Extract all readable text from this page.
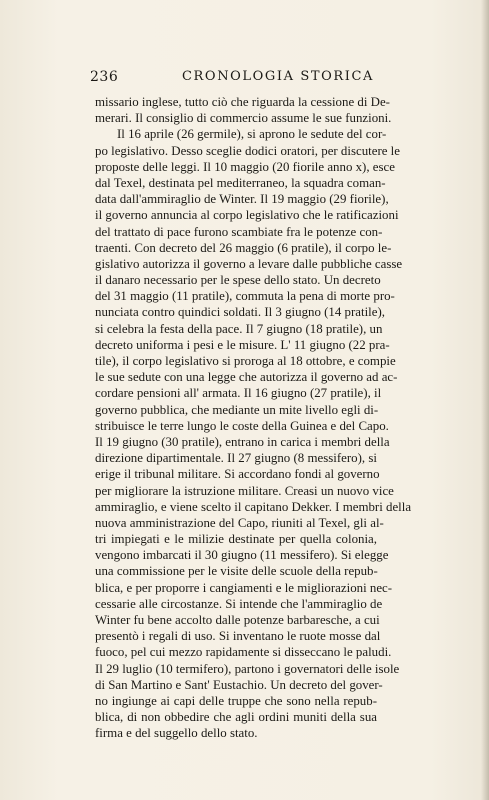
236	CRONOLOGIA STORICA
missario inglese, tutto ciò che riguarda la cessione di De-
merari. Il consiglio di commercio assume le sue funzioni.
Il 16 aprile (26 germile), si aprono le sedute del cor-
po legislativo. Desso sceglie dodici oratori, per discutere le
proposte delle leggi. Il 10 maggio (20 fiorile anno x), esce
dal Texel, destinata pel mediterraneo, la squadra coman-
data dall'ammiraglio de Winter. Il 19 maggio (29 fiorile),
il governo annuncia al corpo legislativo che le ratificazioni
del trattato di pace furono scambiate fra le potenze con-
traenti. Con decreto del 26 maggio (6 pratile), il corpo le-
gislativo autorizza il governo a levare dalle pubbliche casse
il danaro necessario per le spese dello stato. Un decreto
del 31 maggio (11 pratile), commuta la pena di morte pro-
nunciata contro quindici soldati. Il 3 giugno (14 pratile),
si celebra la festa della pace. Il 7 giugno (18 pratile), un
decreto uniforma i pesi e le misure. L' 11 giugno (22 pra-
tile), il corpo legislativo si proroga al 18 ottobre, e compie
le sue sedute con una legge che autorizza il governo ad ac-
cordare pensioni all' armata. Il 16 giugno (27 pratile), il
governo pubblica, che mediante un mite livello egli di-
stribuisce le terre lungo le coste della Guinea e del Capo.
Il 19 giugno (30 pratile), entrano in carica i membri della
direzione dipartimentale. Il 27 giugno (8 messifero), si
erige il tribunal militare. Si accordano fondi al governo
per migliorare la istruzione militare. Creasi un nuovo vice
ammiraglio, e viene scelto il capitano Dekker. I membri della
nuova amministrazione del Capo, riuniti al Texel, gli al-
tri impiegati e le milizie destinate per quella colonia,
vengono imbarcati il 30 giugno (11 messifero). Si elegge
una commissione per le visite delle scuole della repub-
blica, e per proporre i cangiamenti e le migliorazioni nec-
cessarie alle circostanze. Si intende che l'ammiraglio de
Winter fu bene accolto dalle potenze barbaresche, a cui
presentò i regali di uso. Si inventano le ruote mosse dal
fuoco, pel cui mezzo rapidamente si disseccano le paludi.
Il 29 luglio (10 termifero), partono i governatori delle isole
di San Martino e Sant' Eustachio. Un decreto del gover-
no ingiunge ai capi delle truppe che sono nella repub-
blica, di non obbedire che agli ordini muniti della sua
firma e del suggello dello stato.
